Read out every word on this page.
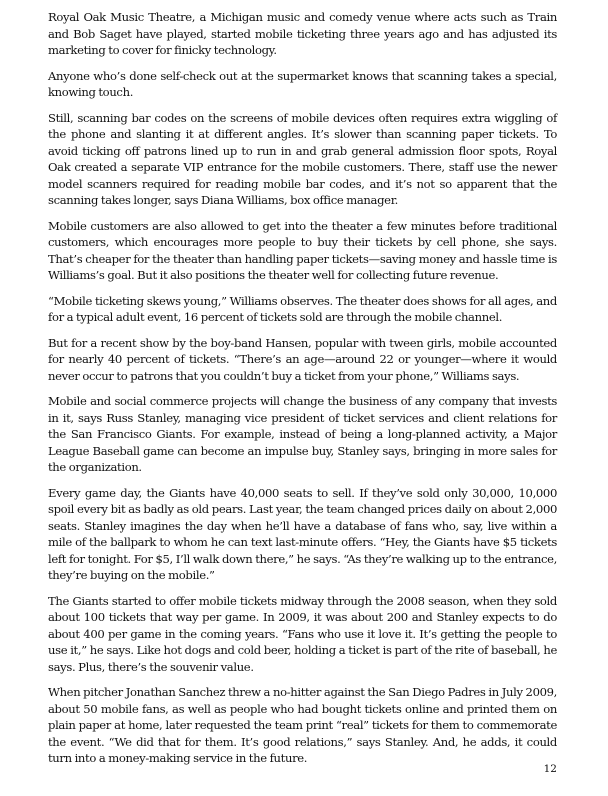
Royal Oak Music Theatre, a Michigan music and comedy venue where acts such as Train and Bob Saget have played, started mobile ticketing three years ago and has adjusted its marketing to cover for finicky technology.

Anyone who’s done self-check out at the supermarket knows that scanning takes a special, knowing touch.

Still, scanning bar codes on the screens of mobile devices often requires extra wiggling of the phone and slanting it at different angles. It’s slower than scanning paper tickets. To avoid ticking off patrons lined up to run in and grab general admission floor spots, Royal Oak created a separate VIP entrance for the mobile customers. There, staff use the newer model scanners required for reading mobile bar codes, and it’s not so apparent that the scanning takes longer, says Diana Williams, box office manager.

Mobile customers are also allowed to get into the theater a few minutes before traditional customers, which encourages more people to buy their tickets by cell phone, she says. That’s cheaper for the theater than handling paper tickets—saving money and hassle time is Williams’s goal. But it also positions the theater well for collecting future revenue.

“Mobile ticketing skews young,” Williams observes. The theater does shows for all ages, and for a typical adult event, 16 percent of tickets sold are through the mobile channel.

But for a recent show by the boy-band Hansen, popular with tween girls, mobile accounted for nearly 40 percent of tickets. “There’s an age—around 22 or younger—where it would never occur to patrons that you couldn’t buy a ticket from your phone,” Williams says.

Mobile and social commerce projects will change the business of any company that invests in it, says Russ Stanley, managing vice president of ticket services and client relations for the San Francisco Giants. For example, instead of being a long-planned activity, a Major League Baseball game can become an impulse buy, Stanley says, bringing in more sales for the organization.

Every game day, the Giants have 40,000 seats to sell. If they’ve sold only 30,000, 10,000 spoil every bit as badly as old pears. Last year, the team changed prices daily on about 2,000 seats. Stanley imagines the day when he’ll have a database of fans who, say, live within a mile of the ballpark to whom he can text last-minute offers. “Hey, the Giants have $5 tickets left for tonight. For $5, I’ll walk down there,” he says. “As they’re walking up to the entrance, they’re buying on the mobile.”

The Giants started to offer mobile tickets midway through the 2008 season, when they sold about 100 tickets that way per game. In 2009, it was about 200 and Stanley expects to do about 400 per game in the coming years. “Fans who use it love it. It’s getting the people to use it,” he says. Like hot dogs and cold beer, holding a ticket is part of the rite of baseball, he says. Plus, there’s the souvenir value.

When pitcher Jonathan Sanchez threw a no-hitter against the San Diego Padres in July 2009, about 50 mobile fans, as well as people who had bought tickets online and printed them on plain paper at home, later requested the team print “real” tickets for them to commemorate the event. “We did that for them. It’s good relations,” says Stanley. And, he adds, it could turn into a money-making service in the future.

12
